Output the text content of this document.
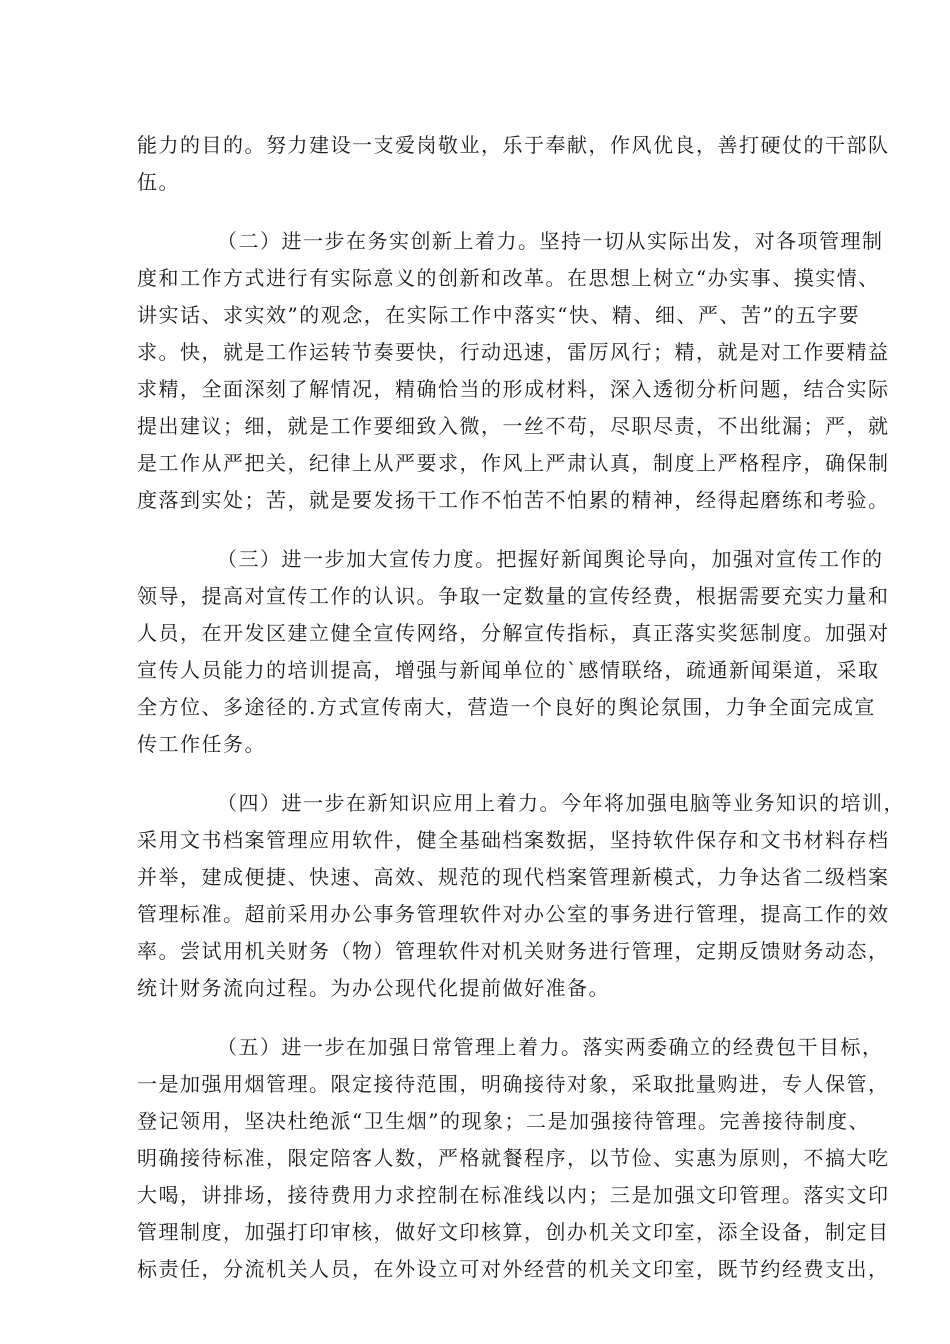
能力的目的。努力建设一支爱岗敬业，乐于奉献，作风优良，善打硬仗的干部队
伍。
（二）进一步在务实创新上着力。坚持一切从实际出发，对各项管理制
度和工作方式进行有实际意义的创新和改革。在思想上树立“办实事、摸实情、
讲实话、求实效”的观念，在实际工作中落实“快、精、细、严、苦”的五字要
求。快，就是工作运转节奏要快，行动迅速，雷厉风行；精，就是对工作要精益
求精，全面深刻了解情况，精确恰当的形成材料，深入透彻分析问题，结合实际
提出建议；细，就是工作要细致入微，一丝不苟，尽职尽责，不出纰漏；严，就
是工作从严把关，纪律上从严要求，作风上严肃认真，制度上严格程序，确保制
度落到实处；苦，就是要发扬干工作不怕苦不怕累的精神，经得起磨练和考验。
（三）进一步加大宣传力度。把握好新闻舆论导向，加强对宣传工作的
领导，提高对宣传工作的认识。争取一定数量的宣传经费，根据需要充实力量和
人员，在开发区建立健全宣传网络，分解宣传指标，真正落实奖惩制度。加强对
宣传人员能力的培训提高，增强与新闻单位的`感情联络，疏通新闻渠道，采取
全方位、多途径的.方式宣传南大，营造一个良好的舆论氛围，力争全面完成宣
传工作任务。
（四）进一步在新知识应用上着力。今年将加强电脑等业务知识的培训，
采用文书档案管理应用软件，健全基础档案数据，坚持软件保存和文书材料存档
并举，建成便捷、快速、高效、规范的现代档案管理新模式，力争达省二级档案
管理标准。超前采用办公事务管理软件对办公室的事务进行管理，提高工作的效
率。尝试用机关财务（物）管理软件对机关财务进行管理，定期反馈财务动态，
统计财务流向过程。为办公现代化提前做好准备。
（五）进一步在加强日常管理上着力。落实两委确立的经费包干目标，
一是加强用烟管理。限定接待范围，明确接待对象，采取批量购进，专人保管，
登记领用，坚决杜绝派“卫生烟”的现象；二是加强接待管理。完善接待制度、
明确接待标准，限定陪客人数，严格就餐程序，以节俭、实惠为原则，不搞大吃
大喝，讲排场，接待费用力求控制在标准线以内；三是加强文印管理。落实文印
管理制度，加强打印审核，做好文印核算，创办机关文印室，添全设备，制定目
标责任，分流机关人员，在外设立可对外经营的机关文印室，既节约经费支出，
